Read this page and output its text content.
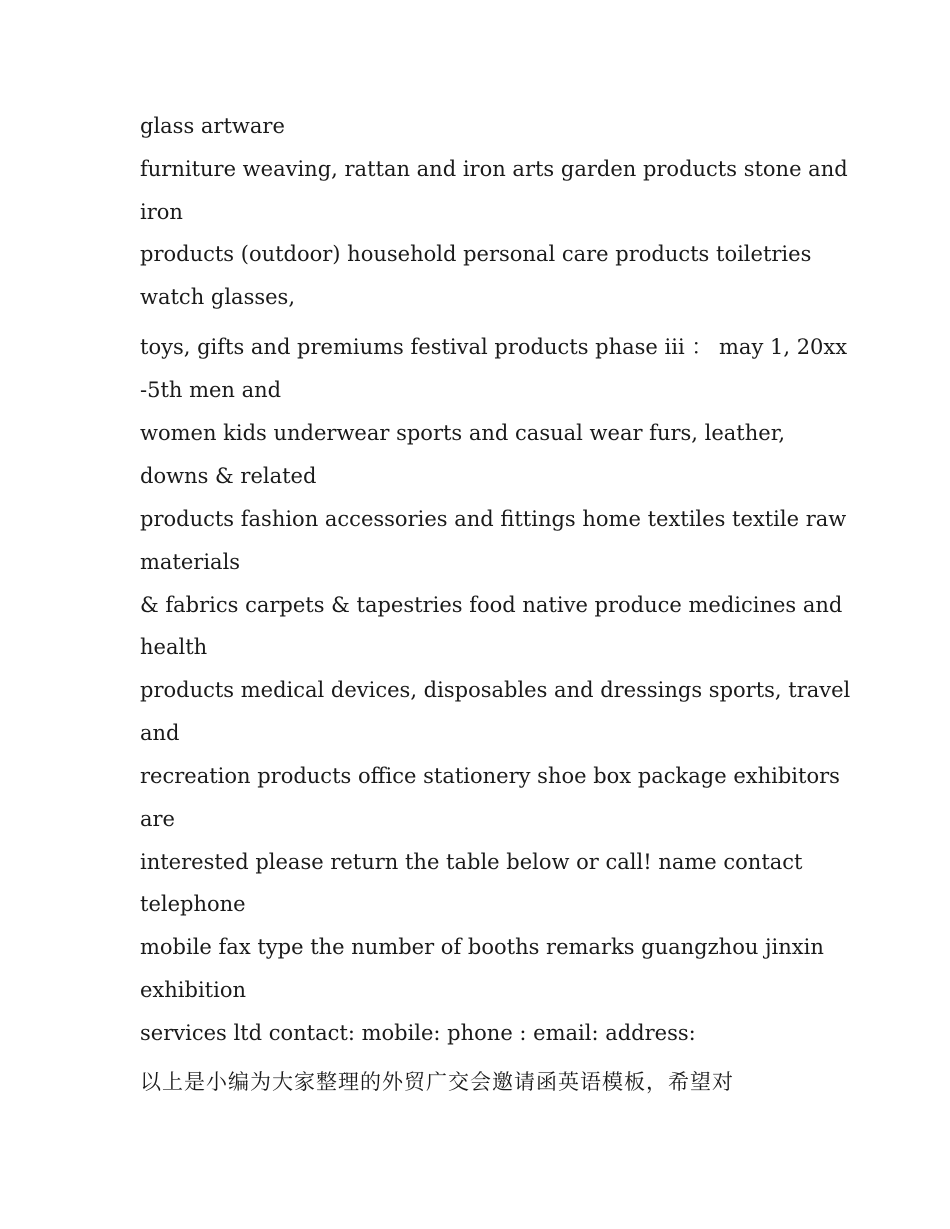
glass artware
furniture weaving, rattan and iron arts garden products stone and
iron
products (outdoor) household personal care products toiletries
watch glasses,
toys, gifts and premiums festival products phase iii ： may 1, 20xx
-5th men and
women kids underwear sports and casual wear furs, leather,
downs & related
products fashion accessories and fittings home textiles textile raw
materials
& fabrics carpets & tapestries food native produce medicines and
health
products medical devices, disposables and dressings sports, travel
and
recreation products office stationery shoe box package exhibitors
are
interested please return the table below or call! name contact
telephone
mobile fax type the number of booths remarks guangzhou jinxin
exhibition
services ltd contact: mobile: phone : email: address:
以上是小编为大家整理的外贸广交会邀请函英语模板，希望对
